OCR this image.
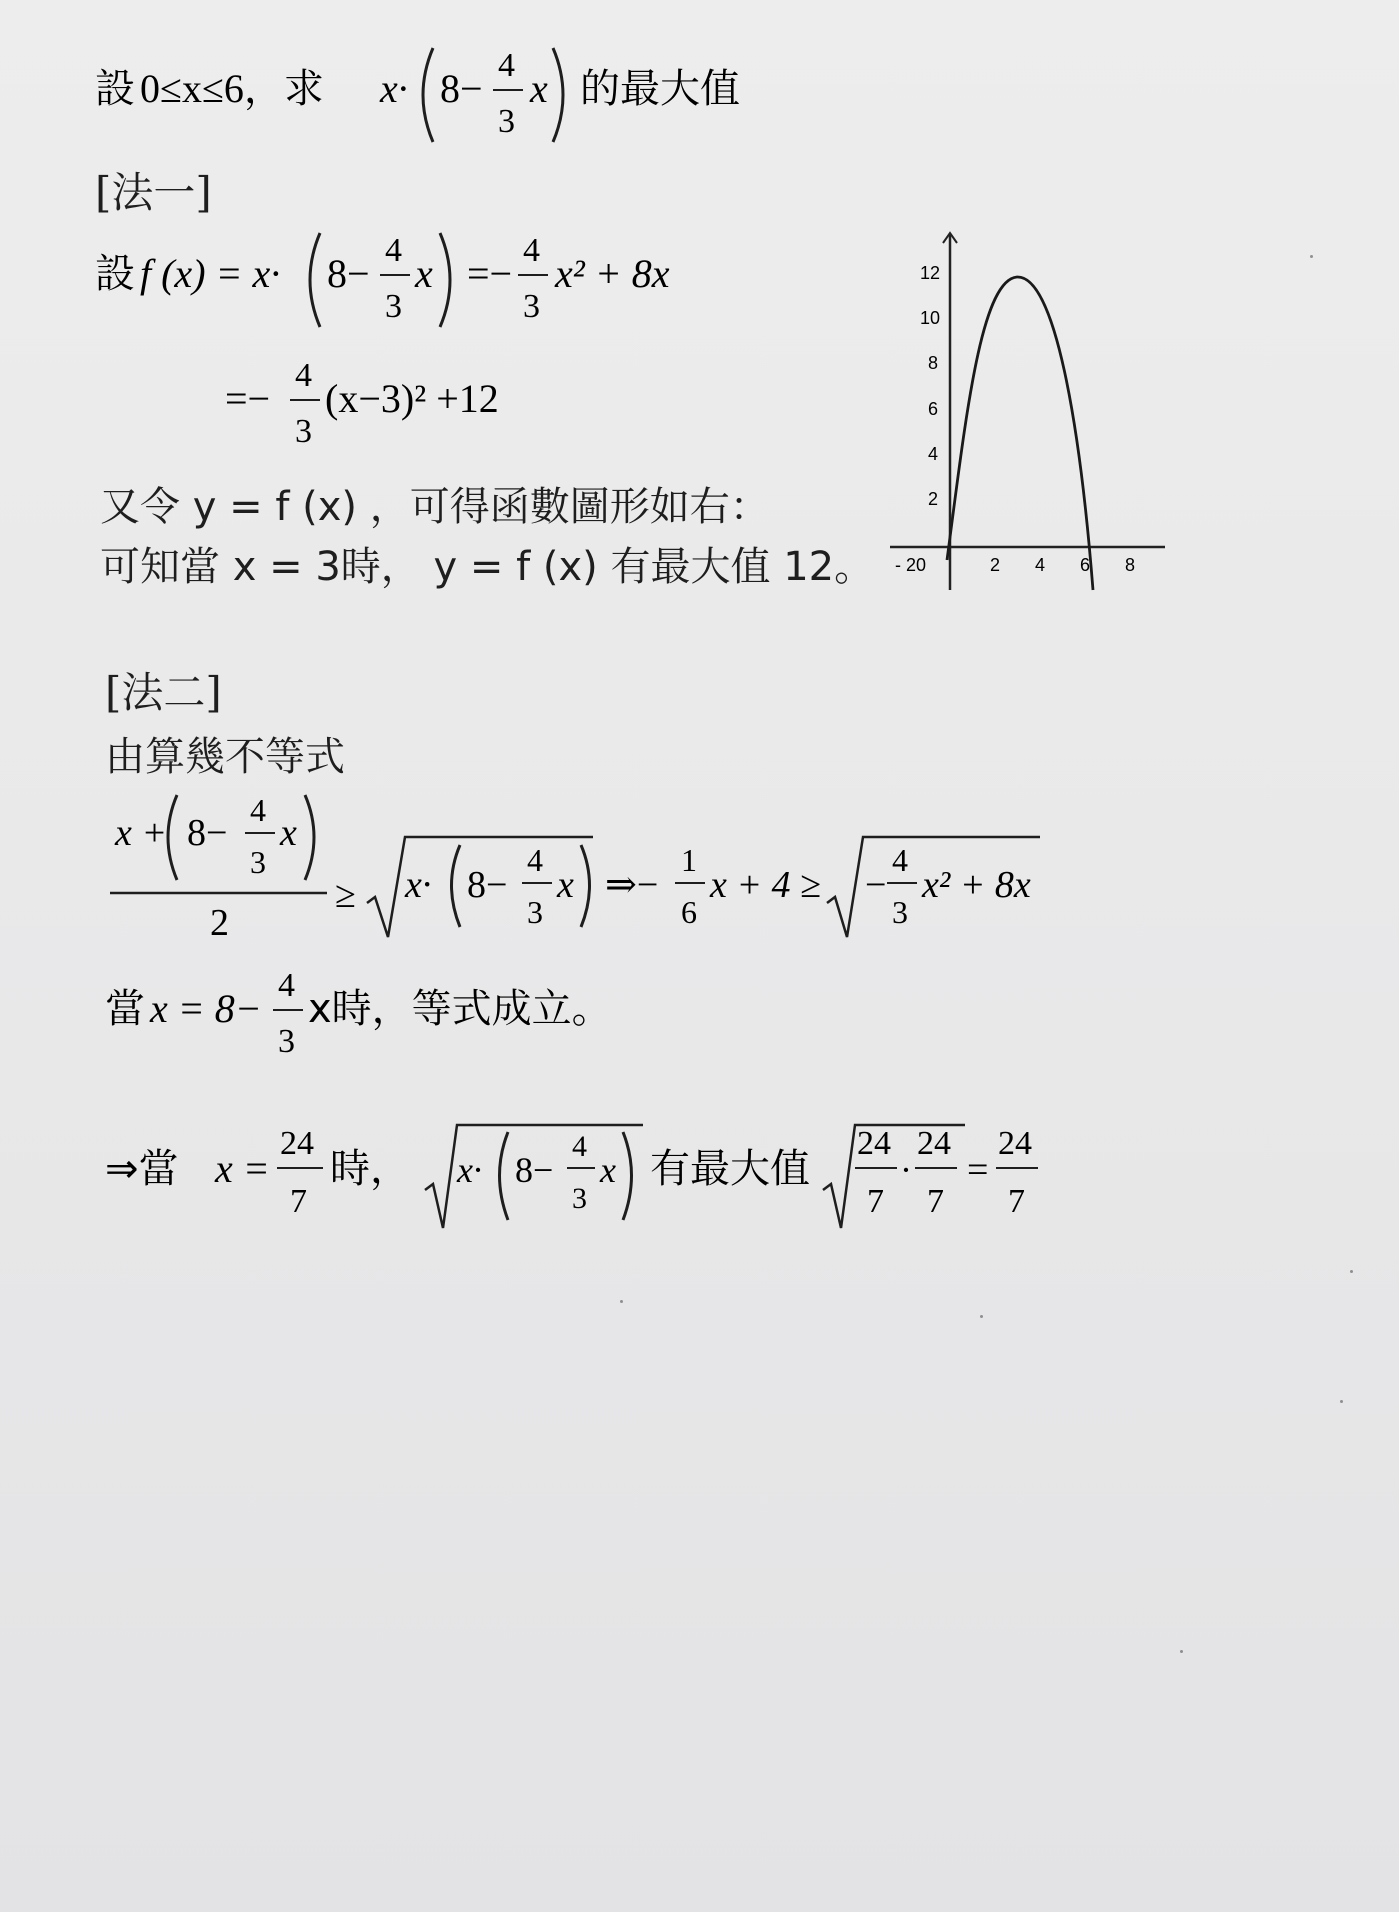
設 0≤x≤6，求 x· 8−
4
3
x 的最大值
[法一]
設 f (x) = x· 8−
4
3
x =−
4
3
x² + 8x
=−
4
3
(x−3)² +12
又令 y = f (x) ，可得函數圖形如右：
可知當 x = 3時， y = f (x) 有最大值 12。
12
10
8
6
4
2
- 20	2 4 6 8
[法二]
由算幾不等式
x + 8−
4
3
x
2
≥ x· 8−
4
3
x ⇒−
1
6
x + 4 ≥ −
4
3
x² + 8x
當 x = 8−
4
3
x時，等式成立。
⇒當 x =
24
7
時， x· 8−
4
3
x 有最大值
24
7
·
24
7
=
24
7
